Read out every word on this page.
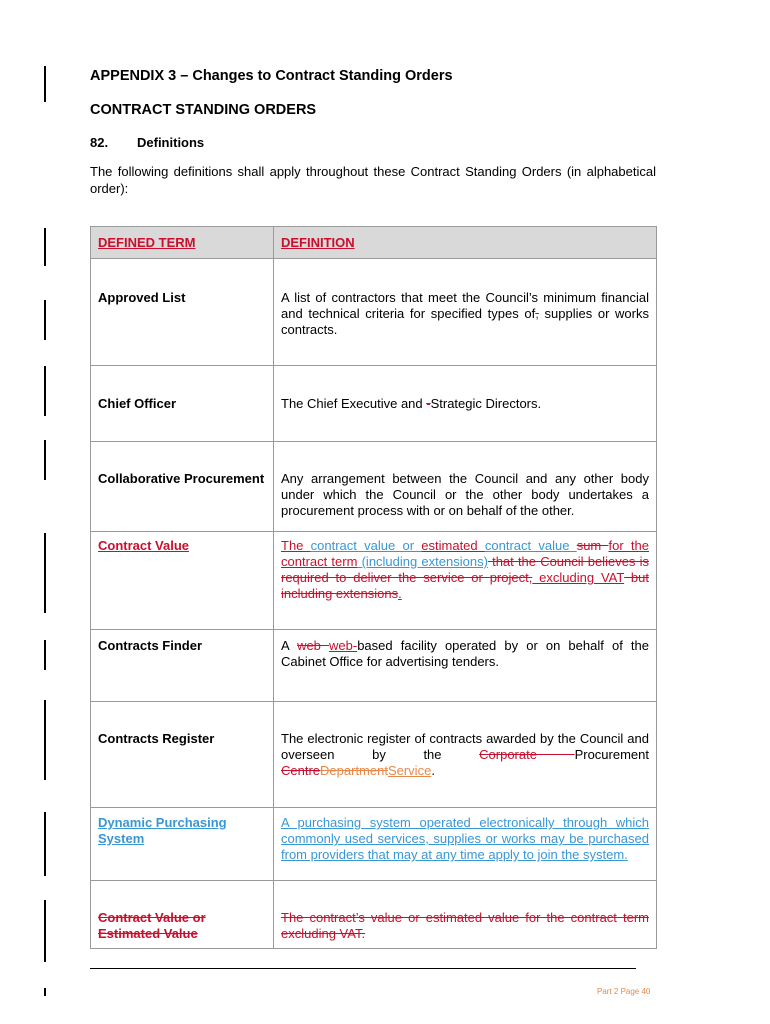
APPENDIX 3 – Changes to Contract Standing Orders
CONTRACT STANDING ORDERS
82. Definitions
The following definitions shall apply throughout these Contract Standing Orders (in alphabetical order):
DEFINED TERM	DEFINITION
Approved List	A list of contractors that meet the Council’s minimum financial and technical criteria for specified types of, supplies or works contracts.
Chief Officer	The Chief Executive and -Strategic Directors.
Collaborative Procurement	Any arrangement between the Council and any other body under which the Council or the other body undertakes a procurement process with or on behalf of the other.
Contract Value	The contract value or estimated contract value sum for the contract term (including extensions) that the Council believes is required to deliver the service or project, excluding VAT but including extensions.
Contracts Finder	A web web-based facility operated by or on behalf of the Cabinet Office for advertising tenders.
Contracts Register	The electronic register of contracts awarded by the Council and overseen by the Corporate Procurement CentreDepartmentService.
Dynamic Purchasing System	A purchasing system operated electronically through which commonly used services, supplies or works may be purchased from providers that may at any time apply to join the system.
Contract Value or Estimated Value	The contract’s value or estimated value for the contract term excluding VAT.
Part 2 Page 40
